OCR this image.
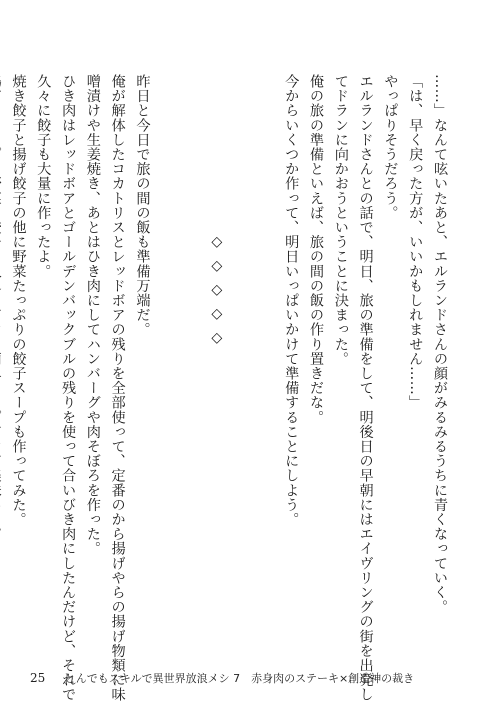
……」なんて呟いたあと、エルランドさんの顔がみるみるうちに青くなっていく。
「は、早く戻った方が、いいかもしれません……」
やっぱりそうだろう。
エルランドさんとの話で、明日、旅の準備をして、明後日の早朝にはエイヴリングの街を出発し
てドランに向かおうということに決まった。
俺の旅の準備といえば、旅の間の飯の作り置きだな。
今からいくつか作って、明日いっぱいかけて準備することにしよう。
◇◇◇◇◇
昨日と今日で旅の間の飯も準備万端だ。
俺が解体したコカトリスとレッドボアの残りを全部使って、定番のから揚げやらの揚げ物類に味
噌漬けや生姜焼き、あとはひき肉にしてハンバーグや肉そぼろを作った。
ひき肉はレッドボアとゴールデンバックブルの残りを使って合いびき肉にしたんだけど、それで
久々に餃子も大量に作ったよ。
焼き餃子と揚げ餃子の他に野菜たっぷりの餃子スープも作ってみた。
25 とんでもスキルで異世界放浪メシ 7　赤身肉のステーキ×創造神の裁き
